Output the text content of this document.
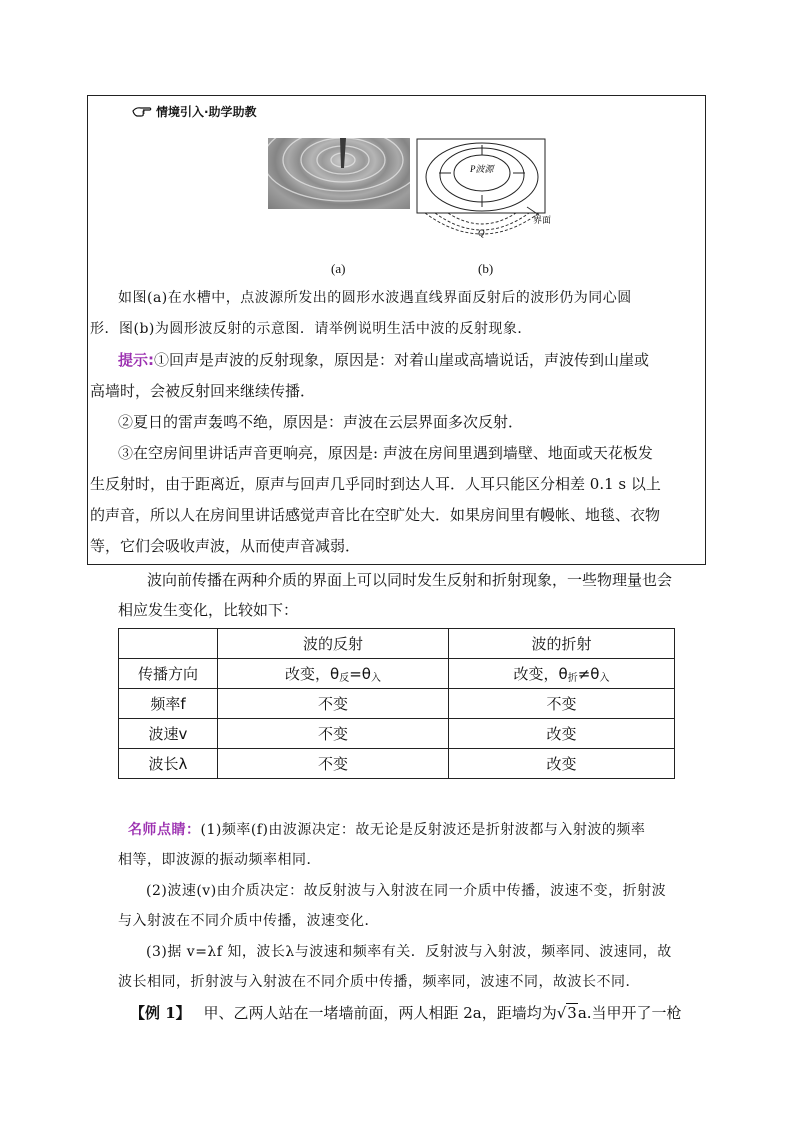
情境引入·助学助教
P波源
界面
Q
(a)	(b)
如图(a)在水槽中，点波源所发出的圆形水波遇直线界面反射后的波形仍为同心圆
形．图(b)为圆形波反射的示意图．请举例说明生活中波的反射现象．
提示:①回声是声波的反射现象，原因是：对着山崖或高墙说话，声波传到山崖或
高墙时，会被反射回来继续传播．
②夏日的雷声轰鸣不绝，原因是：声波在云层界面多次反射．
③在空房间里讲话声音更响亮，原因是: 声波在房间里遇到墙壁、地面或天花板发
生反射时，由于距离近，原声与回声几乎同时到达人耳．人耳只能区分相差 0.1 s 以上
的声音，所以人在房间里讲话感觉声音比在空旷处大．如果房间里有幔帐、地毯、衣物
等，它们会吸收声波，从而使声音减弱．
波向前传播在两种介质的界面上可以同时发生反射和折射现象，一些物理量也会
相应发生变化，比较如下：
	波的反射	波的折射
传播方向	改变，$\theta_反=\theta_入$	改变，$\theta_折\ne\theta_入$
频率f	不变	不变
波速v	不变	改变
波长λ	不变	改变
名师点睛：(1)频率(f)由波源决定：故无论是反射波还是折射波都与入射波的频率
相等，即波源的振动频率相同．
(2)波速(v)由介质决定：故反射波与入射波在同一介质中传播，波速不变，折射波
与入射波在不同介质中传播，波速变化．
(3)据 v=λf 知，波长λ与波速和频率有关．反射波与入射波，频率同、波速同，故
波长相同，折射波与入射波在不同介质中传播，频率同，波速不同，故波长不同．
【例 1】 甲、乙两人站在一堵墙前面，两人相距 2a，距墙均为√3a.当甲开了一枪
